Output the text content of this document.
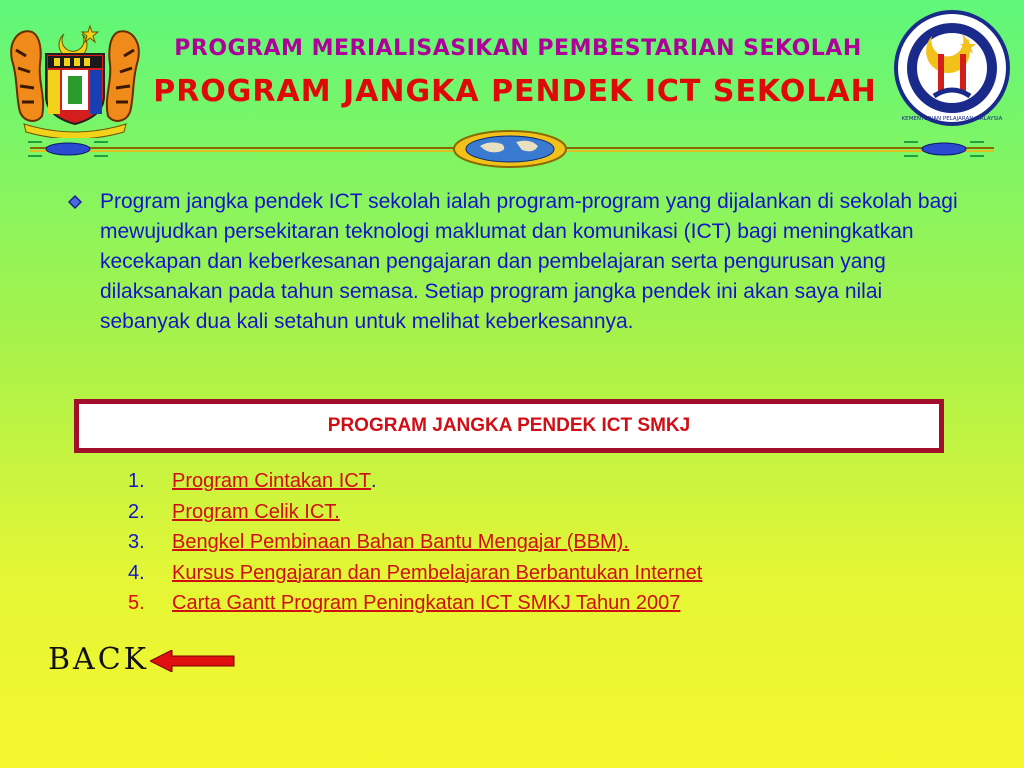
KEMENTERIAN PELAJARAN MALAYSIA
PROGRAM MERIALISASIKAN PEMBESTARIAN SEKOLAH
PROGRAM JANGKA PENDEK ICT SEKOLAH
Program jangka pendek ICT sekolah ialah program-program yang dijalankan di sekolah bagi mewujudkan persekitaran teknologi maklumat dan komunikasi (ICT) bagi meningkatkan kecekapan dan keberkesanan pengajaran dan pembelajaran serta pengurusan yang dilaksanakan pada tahun semasa. Setiap program jangka pendek ini akan saya nilai sebanyak dua kali setahun untuk melihat keberkesannya.
PROGRAM JANGKA PENDEK ICT SMKJ
1.	Program Cintakan ICT .
2.	Program Celik ICT.
3.	Bengkel Pembinaan Bahan Bantu Mengajar (BBM).
4.	Kursus Pengajaran dan Pembelajaran Berbantukan Internet
5.	Carta Gantt Program Peningkatan ICT SMKJ Tahun 2007
BACK
